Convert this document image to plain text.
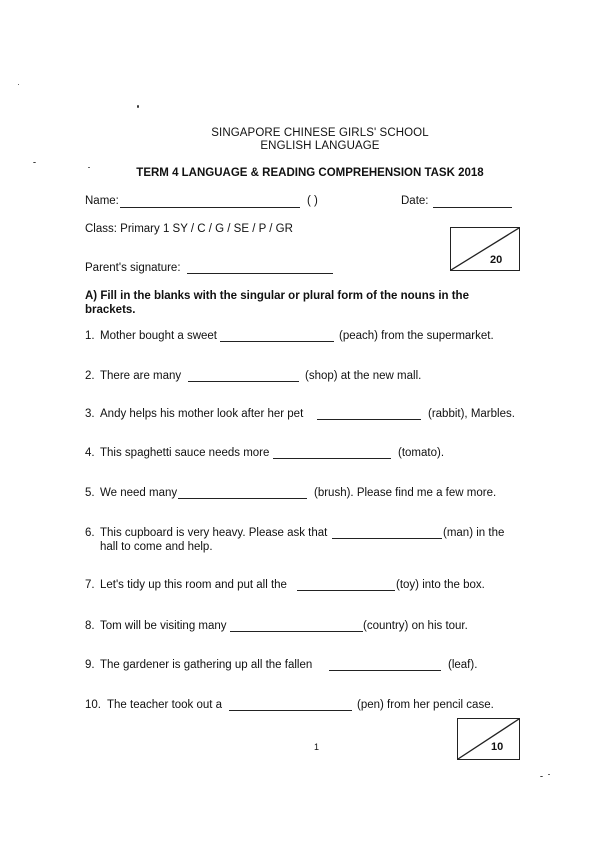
SINGAPORE CHINESE GIRLS' SCHOOL
ENGLISH LANGUAGE
TERM 4 LANGUAGE & READING COMPREHENSION TASK 2018
Name:	( )	Date:
Class: Primary 1 SY / C / G / SE / P / GR
20
Parent's signature:
A) Fill in the blanks with the singular or plural form of the nouns in the brackets.
1. Mother bought a sweet	(peach) from the supermarket.
2. There are many	(shop) at the new mall.
3. Andy helps his mother look after her pet	(rabbit), Marbles.
4. This spaghetti sauce needs more	(tomato).
5. We need many	(brush). Please find me a few more.
6. This cupboard is very heavy. Please ask that	(man) in the
hall to come and help.
7. Let's tidy up this room and put all the	(toy) into the box.
8. Tom will be visiting many	(country) on his tour.
9. The gardener is gathering up all the fallen	(leaf).
10. The teacher took out a	(pen) from her pencil case.
10
1
